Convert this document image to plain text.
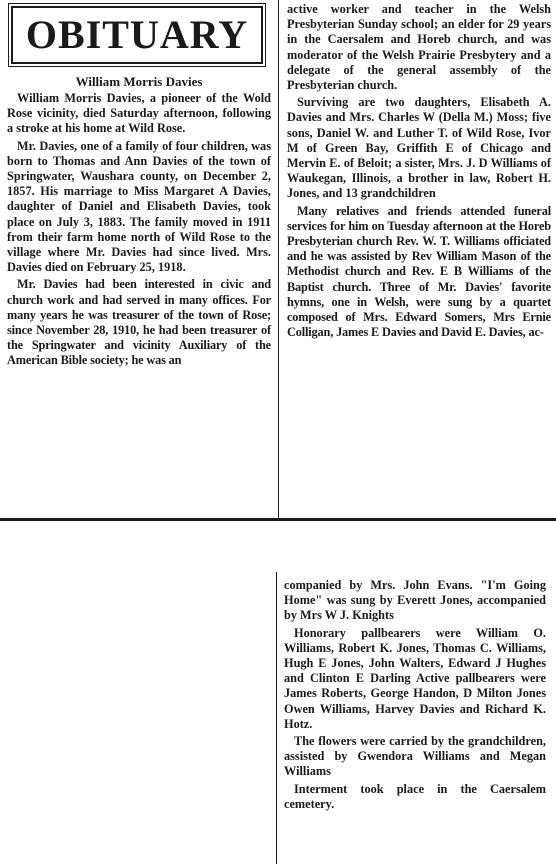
OBITUARY
William Morris Davies

William Morris Davies, a pioneer of the Wold Rose vicinity, died Saturday afternoon, following a stroke at his home at Wild Rose.

Mr. Davies, one of a family of four children, was born to Thomas and Ann Davies of the town of Springwater, Waushara county, on December 2, 1857. His marriage to Miss Margaret A Davies, daughter of Daniel and Elisabeth Davies, took place on July 3, 1883. The family moved in 1911 from their farm home north of Wild Rose to the village where Mr. Davies had since lived. Mrs. Davies died on February 25, 1918.

Mr. Davies had been interested in civic and church work and had served in many offices. For many years he was treasurer of the town of Rose; since November 28, 1910, he had been treasurer of the Springwater and vicinity Auxiliary of the American Bible society; he was an

active worker and teacher in the Welsh Presbyterian Sunday school; an elder for 29 years in the Caersalem and Horeb church, and was moderator of the Welsh Prairie Presbytery and a delegate of the general assembly of the Presbyterian church.

Surviving are two daughters, Elisabeth A. Davies and Mrs. Charles W (Della M.) Moss; five sons, Daniel W. and Luther T. of Wild Rose, Ivor M of Green Bay, Griffith E of Chicago and Mervin E. of Beloit; a sister, Mrs. J. D Williams of Waukegan, Illinois, a brother in law, Robert H. Jones, and 13 grandchildren

Many relatives and friends attended funeral services for him on Tuesday afternoon at the Horeb Presbyterian church Rev. W. T. Williams officiated and he was assisted by Rev William Mason of the Methodist church and Rev. E B Williams of the Baptist church. Three of Mr. Davies' favorite hymns, one in Welsh, were sung by a quartet composed of Mrs. Edward Somers, Mrs Ernie Colligan, James E Davies and David E. Davies, ac-

companied by Mrs. John Evans. "I'm Going Home" was sung by Everett Jones, accompanied by Mrs W J. Knights

Honorary pallbearers were William O. Williams, Robert K. Jones, Thomas C. Williams, Hugh E Jones, John Walters, Edward J Hughes and Clinton E Darling Active pallbearers were James Roberts, George Handon, D Milton Jones Owen Williams, Harvey Davies and Richard K. Hotz.

The flowers were carried by the grandchildren, assisted by Gwendora Williams and Megan Williams

Interment took place in the Caersalem cemetery.
